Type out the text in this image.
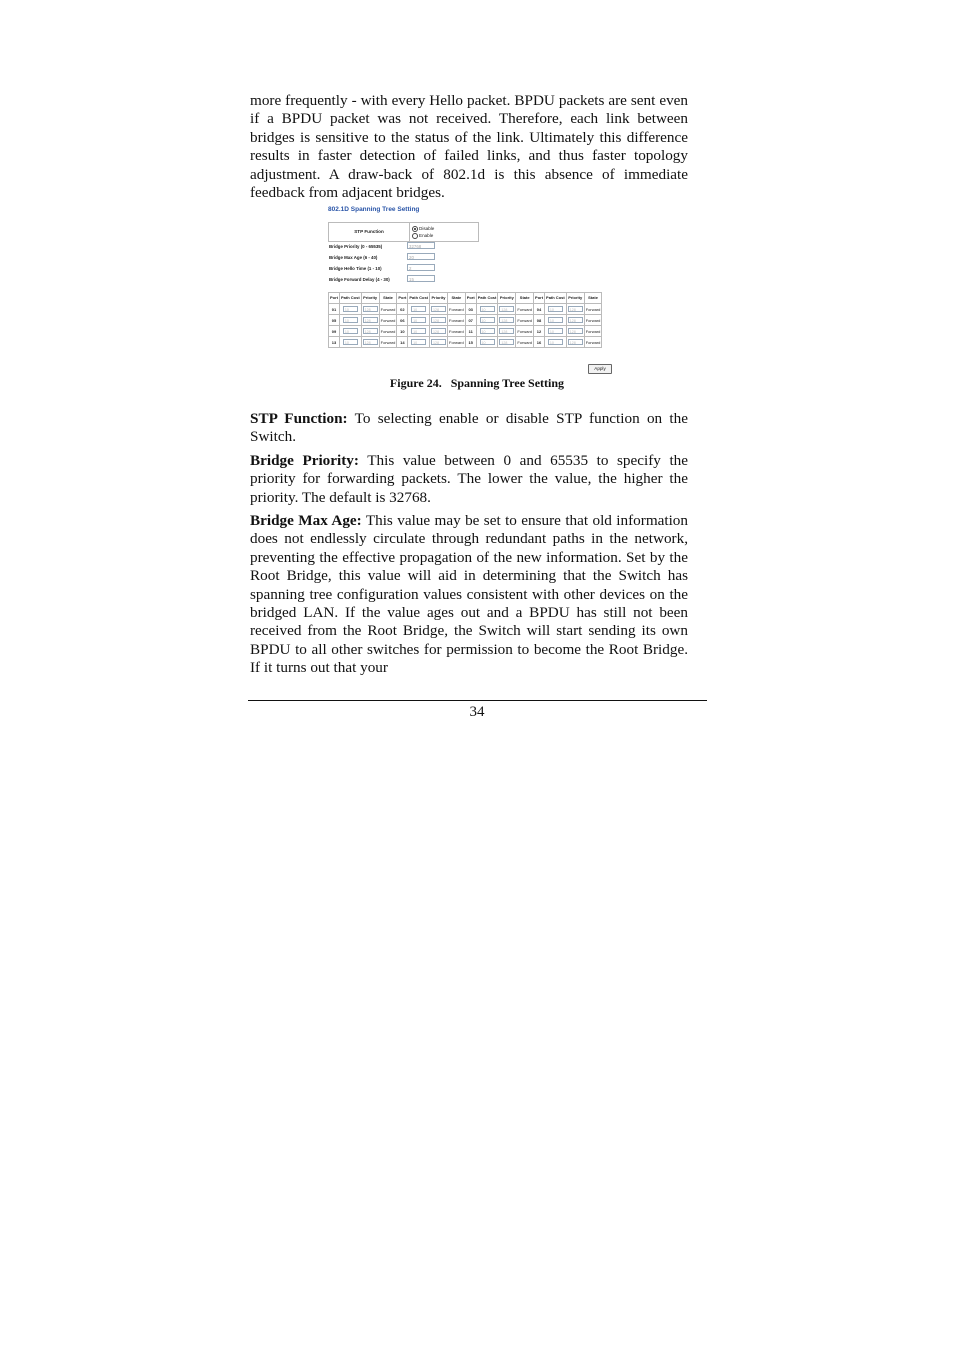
more frequently - with every Hello packet. BPDU packets are sent even if a BPDU packet was not received. Therefore, each link between bridges is sensitive to the status of the link. Ultimately this difference results in faster detection of failed links, and thus faster topology adjustment. A draw-back of 802.1d is this absence of immediate feedback from adjacent bridges.
802.1D Spanning Tree Setting
STP Function
Disable
Enable
Bridge Priority (0 - 65535)	32768
Bridge Max Age (6 - 40)	20
Bridge Hello Time (1 - 10)	2
Bridge Forward Delay (4 - 30)	15
Port	Path Cost	Priority	State	Port	Path Cost	Priority	State	Port	Path Cost	Priority	State	Port	Path Cost	Priority	State
01	10	128	Forward	02	10	128	Forward	03	10	128	Forward	04	10	128	Forward
05	10	128	Forward	06	10	128	Forward	07	10	128	Forward	08	10	128	Forward
09	10	128	Forward	10	10	128	Forward	11	10	128	Forward	12	10	128	Forward
13	10	128	Forward	14	10	128	Forward	15	10	128	Forward	16	10	128	Forward
Apply
Figure 24.   Spanning Tree Setting
STP Function: To selecting enable or disable STP function on the Switch.
Bridge Priority: This value between 0 and 65535 to specify the priority for forwarding packets. The lower the value, the higher the priority. The default is 32768.
Bridge Max Age: This value may be set to ensure that old information does not endlessly circulate through redundant paths in the network, preventing the effective propagation of the new information. Set by the Root Bridge, this value will aid in determining that the Switch has spanning tree configuration values consistent with other devices on the bridged LAN. If the value ages out and a BPDU has still not been received from the Root Bridge, the Switch will start sending its own BPDU to all other switches for permission to become the Root Bridge. If it turns out that your
34
